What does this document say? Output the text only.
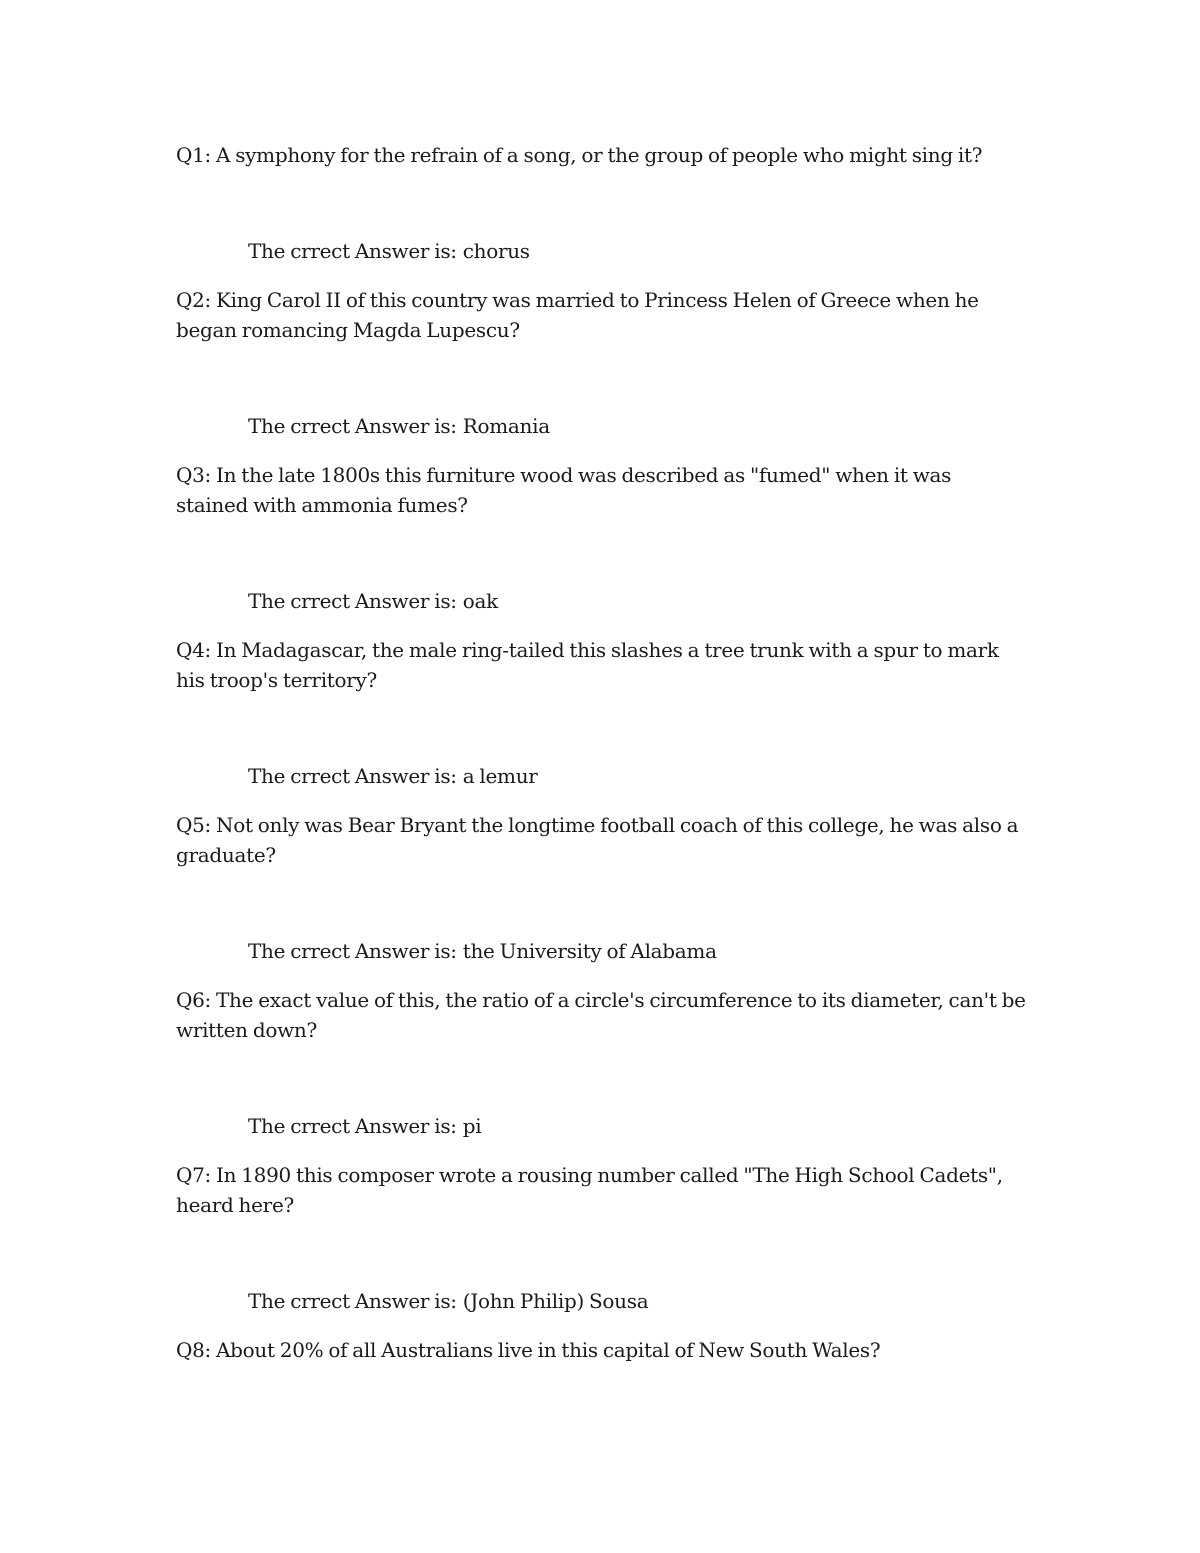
Q1: A symphony for the refrain of a song, or the group of people who might sing it?

The crrect Answer is: chorus

Q2: King Carol II of this country was married to Princess Helen of Greece when he began romancing Magda Lupescu?

The crrect Answer is: Romania

Q3: In the late 1800s this furniture wood was described as "fumed" when it was stained with ammonia fumes?

The crrect Answer is: oak

Q4: In Madagascar, the male ring-tailed this slashes a tree trunk with a spur to mark his troop's territory?

The crrect Answer is: a lemur

Q5: Not only was Bear Bryant the longtime football coach of this college, he was also a graduate?

The crrect Answer is: the University of Alabama

Q6: The exact value of this, the ratio of a circle's circumference to its diameter, can't be written down?

The crrect Answer is: pi

Q7: In 1890 this composer wrote a rousing number called "The High School Cadets", heard here?

The crrect Answer is: (John Philip) Sousa

Q8: About 20% of all Australians live in this capital of New South Wales?
